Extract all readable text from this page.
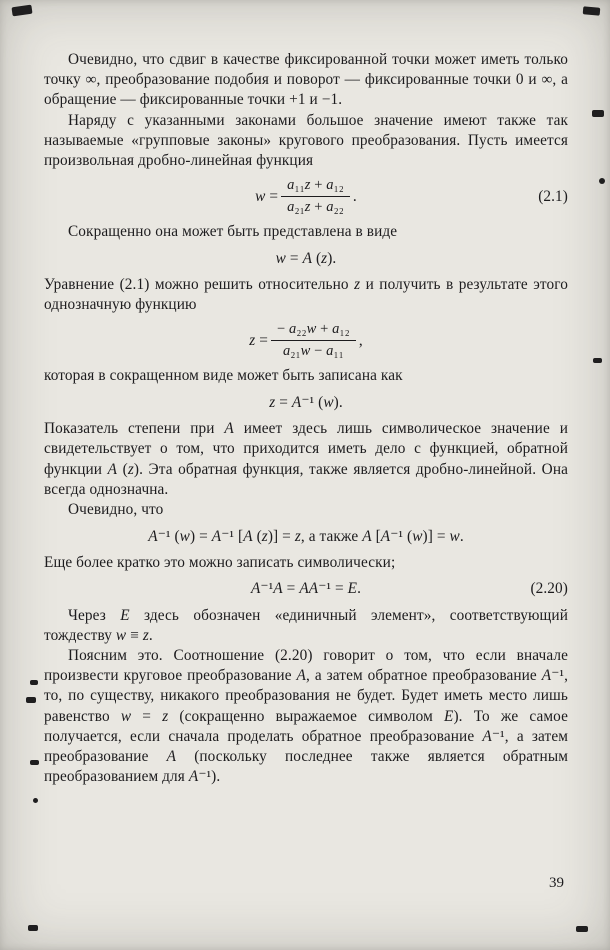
Очевидно, что сдвиг в качестве фиксированной точки может иметь только точку ∞, преобразование подобия и поворот — фиксированные точки 0 и ∞, а обращение — фиксированные точки +1 и −1.

Наряду с указанными законами большое значение имеют также так называемые «групповые законы» кругового преобразования. Пусть имеется произвольная дробно-линейная функция

$w = \frac{\text{a₁₁z + a₁₂}}{\text{a₂₁z + a₂₂}}$ .	(2.1)

Сокращенно она может быть представлена в виде

w = A (z).

Уравнение (2.1) можно решить относительно z и получить в результате этого однозначную функцию

$z = \frac{\text{− a₂₂w + a₁₂}}{\text{a₂₁w − a₁₁}}$ ,

которая в сокращенном виде может быть записана как

z = A⁻¹ (w).

Показатель степени при A имеет здесь лишь символическое значение и свидетельствует о том, что приходится иметь дело с функцией, обратной функции A (z). Эта обратная функция, также является дробно-линейной. Она всегда однозначна.

Очевидно, что

A⁻¹ (w) = A⁻¹ [A (z)] = z, а также A [A⁻¹ (w)] = w.

Еще более кратко это можно записать символически;

A⁻¹A = AA⁻¹ = E.	(2.20)

Через E здесь обозначен «единичный элемент», соответствующий тождеству w ≡ z.

Поясним это. Соотношение (2.20) говорит о том, что если вначале произвести круговое преобразование A, а затем обратное преобразование A⁻¹, то, по существу, никакого преобразования не будет. Будет иметь место лишь равенство w = z (сокращенно выражаемое символом E). То же самое получается, если сначала проделать обратное преобразование A⁻¹, а затем преобразование A (поскольку последнее также является обратным преобразованием для A⁻¹).

39
